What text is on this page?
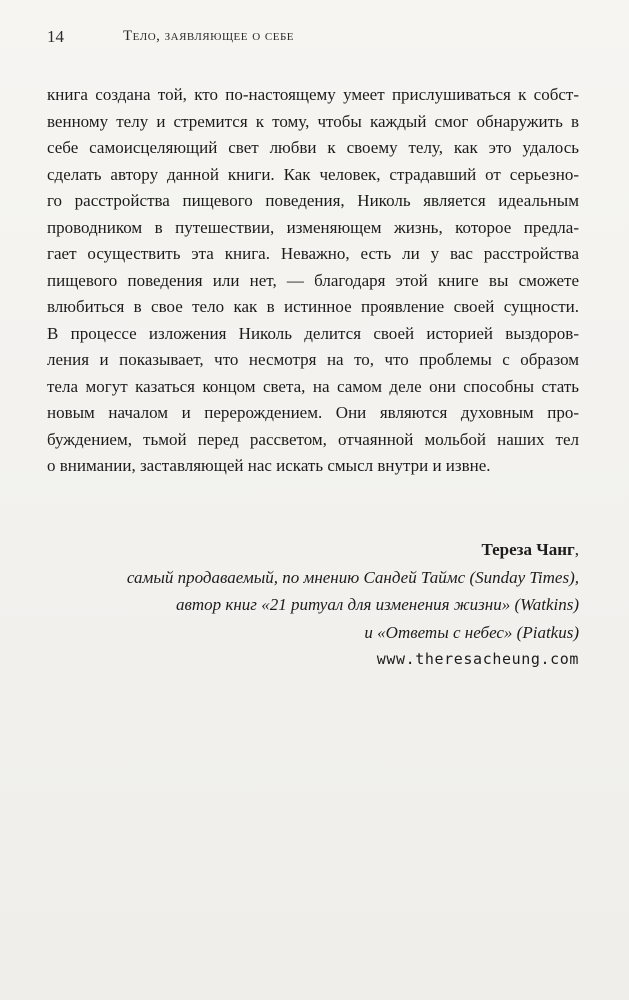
14	Тело, заявляющее о себе
книга создана той, кто по-настоящему умеет прислушиваться к собст-
венному телу и стремится к тому, чтобы каждый смог обнаружить в
себе самоисцеляющий свет любви к своему телу, как это удалось
сделать автору данной книги. Как человек, страдавший от серьезно-
го расстройства пищевого поведения, Николь является идеальным
проводником в путешествии, изменяющем жизнь, которое предла-
гает осуществить эта книга. Неважно, есть ли у вас расстройства
пищевого поведения или нет, — благодаря этой книге вы сможете
влюбиться в свое тело как в истинное проявление своей сущности.
В процессе изложения Николь делится своей историей выздоров-
ления и показывает, что несмотря на то, что проблемы с образом
тела могут казаться концом света, на самом деле они способны стать
новым началом и перерождением. Они являются духовным про-
буждением, тьмой перед рассветом, отчаянной мольбой наших тел
о внимании, заставляющей нас искать смысл внутри и извне.
Тереза Чанг,
самый продаваемый, по мнению Сандей Таймс (Sunday Times),
автор книг «21 ритуал для изменения жизни» (Watkins)
и «Ответы с небес» (Piatkus)
www.theresacheung.com
